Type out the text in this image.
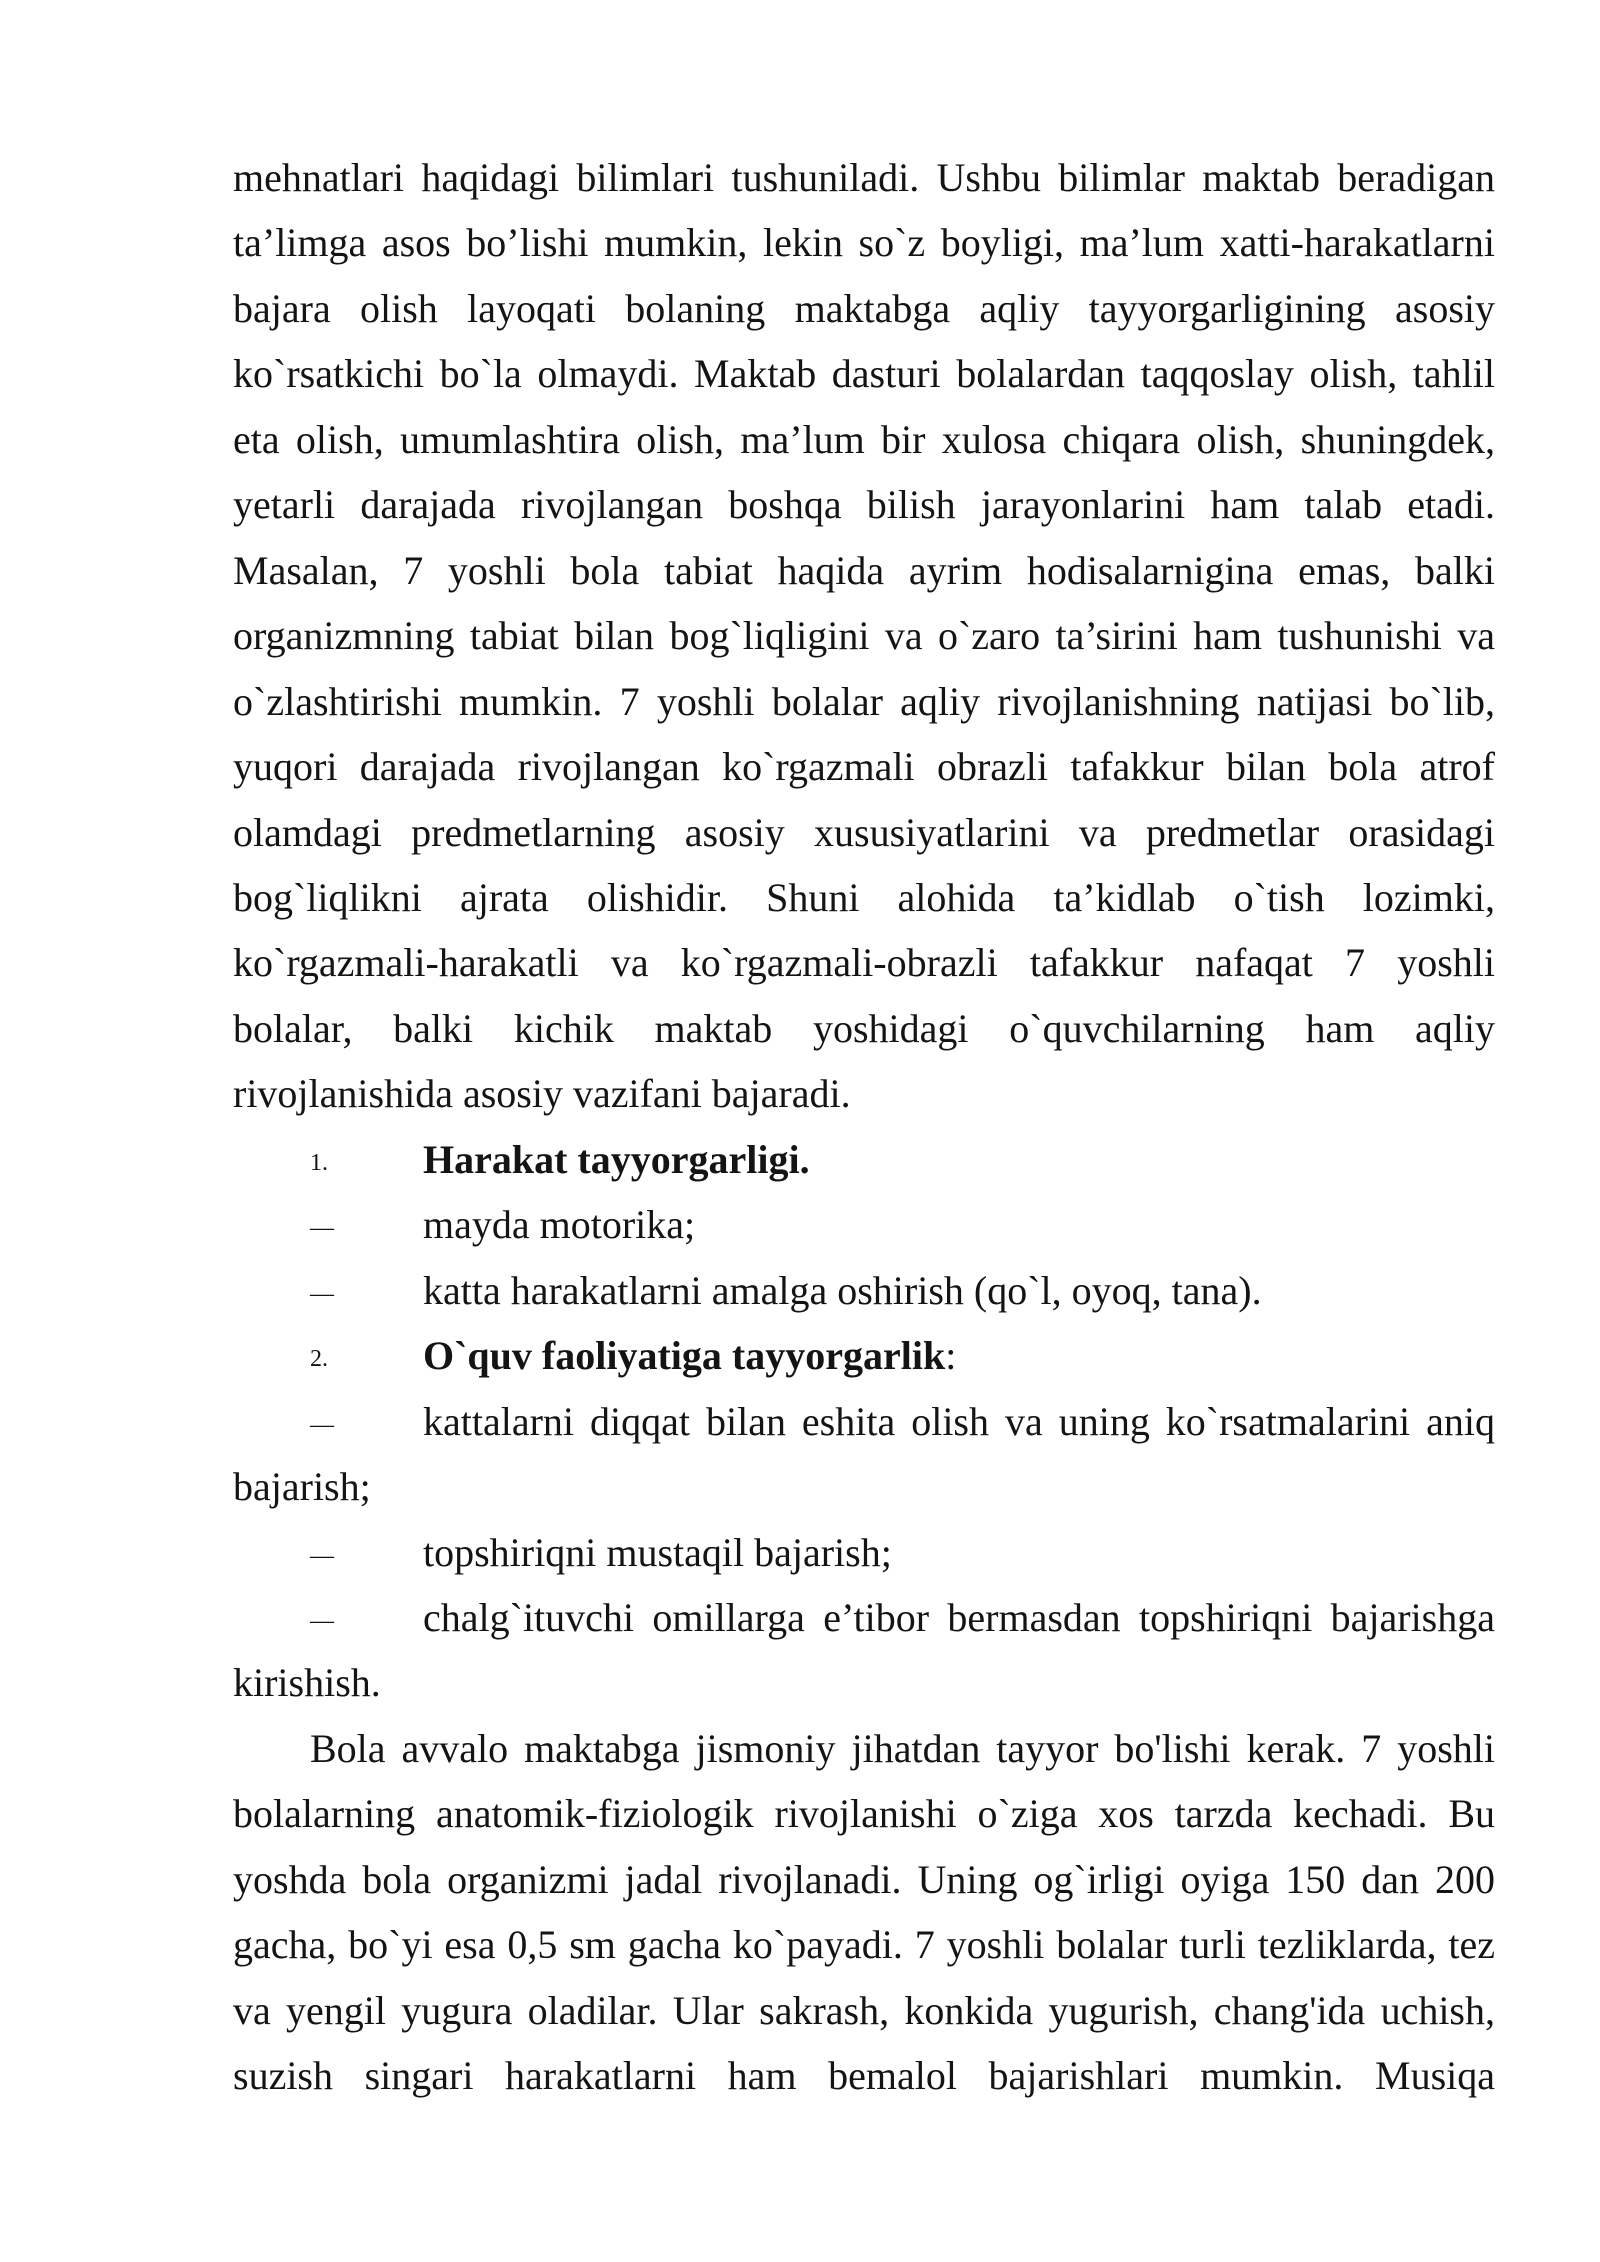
mehnatlari haqidagi bilimlari tushuniladi. Ushbu bilimlar maktab beradigan
ta’limga asos bo’lishi mumkin, lekin so`z boyligi, ma’lum xatti-harakatlarni
bajara olish layoqati bolaning maktabga aqliy tayyorgarligining asosiy
ko`rsatkichi bo`la olmaydi. Maktab dasturi bolalardan taqqoslay olish, tahlil
eta olish, umumlashtira olish, ma’lum bir xulosa chiqara olish, shuningdek,
yetarli darajada rivojlangan boshqa bilish jarayonlarini ham talab etadi.
Masalan, 7 yoshli bola tabiat haqida ayrim hodisalarnigina emas, balki
organizmning tabiat bilan bog`liqligini va o`zaro ta’sirini ham tushunishi va
o`zlashtirishi mumkin. 7 yoshli bolalar aqliy rivojlanishning natijasi bo`lib,
yuqori darajada rivojlangan ko`rgazmali obrazli tafakkur bilan bola atrof
olamdagi predmetlarning asosiy xususiyatlarini va predmetlar orasidagi
bog`liqlikni ajrata olishidir. Shuni alohida ta’kidlab o`tish lozimki,
ko`rgazmali-harakatli va ko`rgazmali-obrazli tafakkur nafaqat 7 yoshli
bolalar, balki kichik maktab yoshidagi o`quvchilarning ham aqliy
rivojlanishida asosiy vazifani bajaradi.
1.	Harakat tayyorgarligi.
—	mayda motorika;
—	katta harakatlarni amalga oshirish (qo`l, oyoq, tana).
2.	O`quv faoliyatiga tayyorgarlik:
—	kattalarni diqqat bilan eshita olish va uning ko`rsatmalarini aniq
bajarish;
—	topshiriqni mustaqil bajarish;
—	chalg`ituvchi omillarga e’tibor bermasdan topshiriqni bajarishga
kirishish.
Bola avvalo maktabga jismoniy jihatdan tayyor bo'lishi kerak. 7 yoshli
bolalarning anatomik-fiziologik rivojlanishi o`ziga xos tarzda kechadi. Bu
yoshda bola organizmi jadal rivojlanadi. Uning og`irligi oyiga 150 dan 200
gacha, bo`yi esa 0,5 sm gacha ko`payadi. 7 yoshli bolalar turli tezliklarda, tez
va yengil yugura oladilar. Ular sakrash, konkida yugurish, chang'ida uchish,
suzish singari harakatlarni ham bemalol bajarishlari mumkin. Musiqa
